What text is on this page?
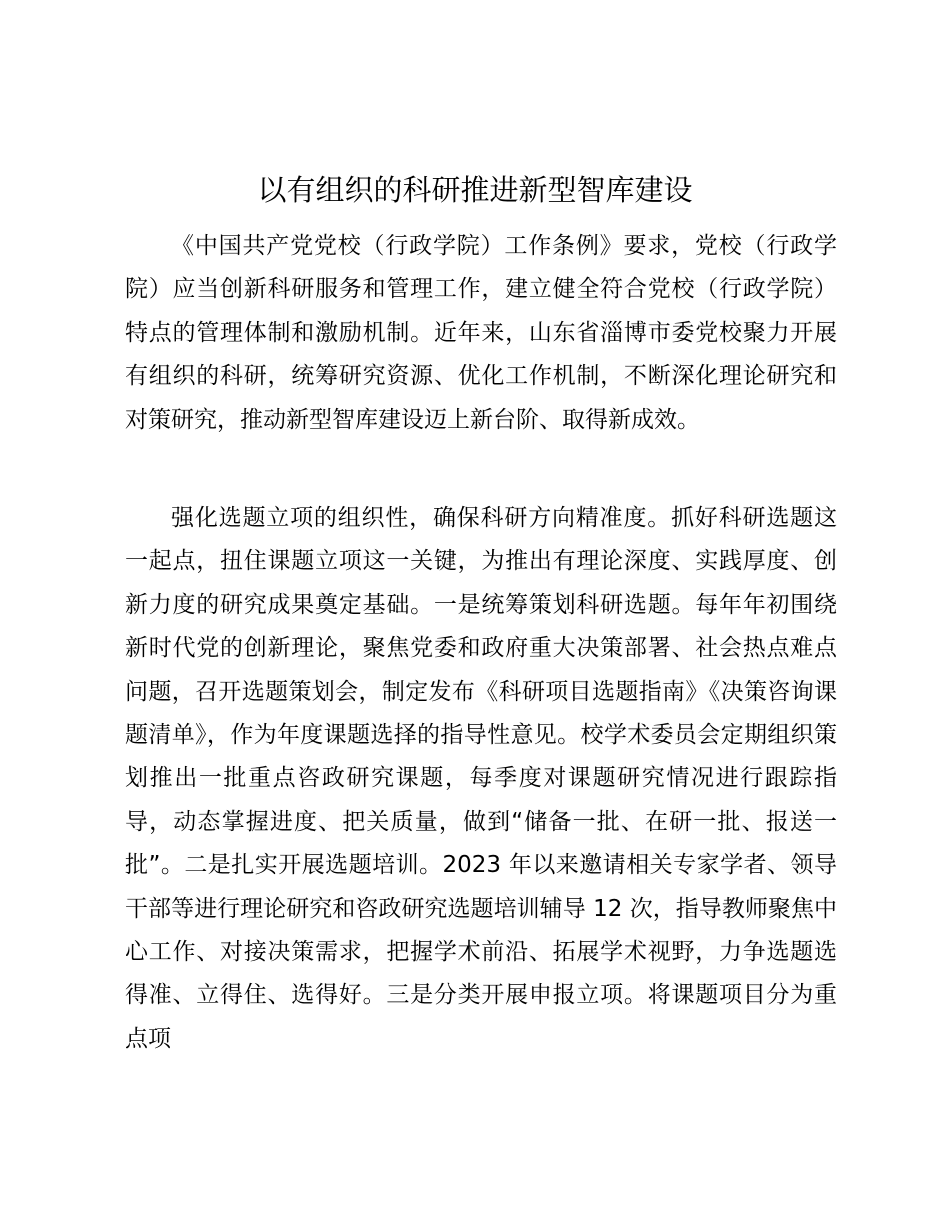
以有组织的科研推进新型智库建设

《中国共产党党校（行政学院）工作条例》要求，党校（行政学院）应当创新科研服务和管理工作，建立健全符合党校（行政学院）特点的管理体制和激励机制。近年来，山东省淄博市委党校聚力开展有组织的科研，统筹研究资源、优化工作机制，不断深化理论研究和对策研究，推动新型智库建设迈上新台阶、取得新成效。

强化选题立项的组织性，确保科研方向精准度。抓好科研选题这一起点，扭住课题立项这一关键，为推出有理论深度、实践厚度、创新力度的研究成果奠定基础。一是统筹策划科研选题。每年年初围绕新时代党的创新理论，聚焦党委和政府重大决策部署、社会热点难点问题，召开选题策划会，制定发布《科研项目选题指南》《决策咨询课题清单》，作为年度课题选择的指导性意见。校学术委员会定期组织策划推出一批重点咨政研究课题，每季度对课题研究情况进行跟踪指导，动态掌握进度、把关质量，做到“储备一批、在研一批、报送一批”。二是扎实开展选题培训。2023 年以来邀请相关专家学者、领导干部等进行理论研究和咨政研究选题培训辅导 12 次，指导教师聚焦中心工作、对接决策需求，把握学术前沿、拓展学术视野，力争选题选得准、立得住、选得好。三是分类开展申报立项。将课题项目分为重点项
